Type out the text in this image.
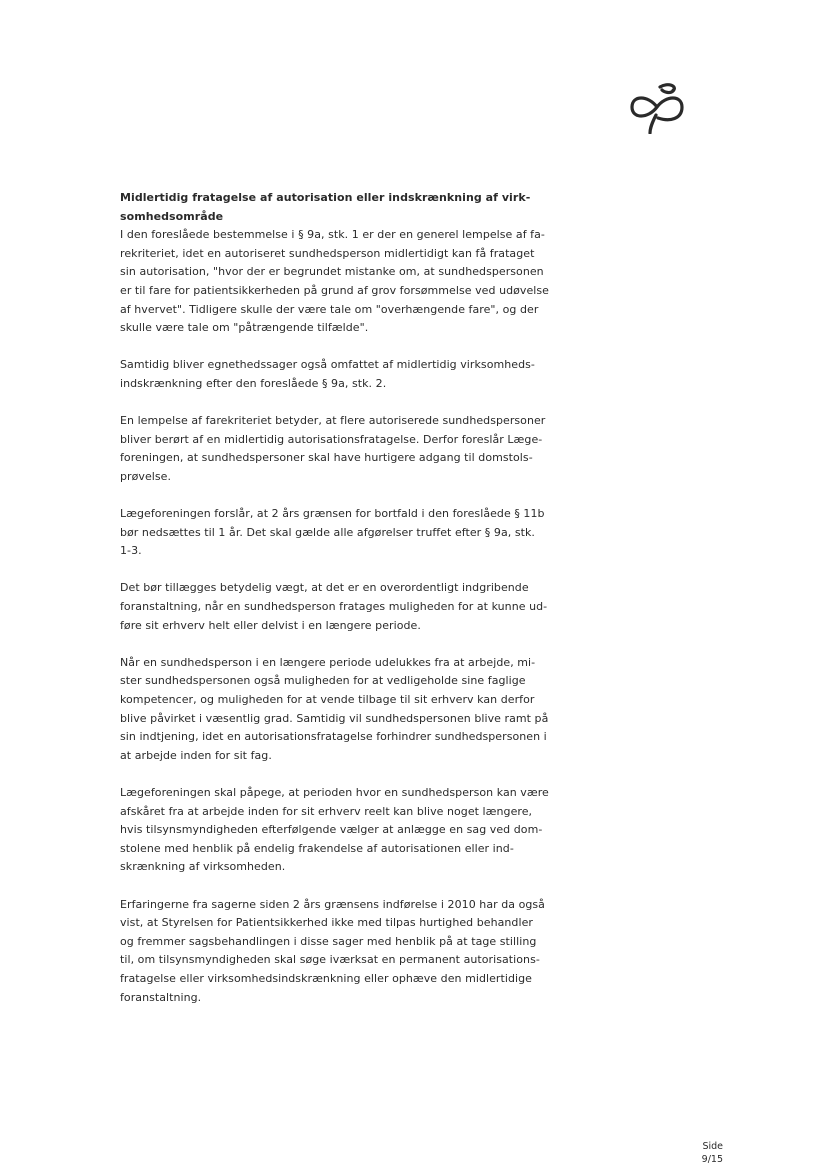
Midlertidig fratagelse af autorisation eller indskrænkning af virk-
somhedsområde
I den foreslåede bestemmelse i § 9a, stk. 1 er der en generel lempelse af fa-
rekriteriet, idet en autoriseret sundhedsperson midlertidigt kan få frataget
sin autorisation, "hvor der er begrundet mistanke om, at sundhedspersonen
er til fare for patientsikkerheden på grund af grov forsømmelse ved udøvelse
af hvervet". Tidligere skulle der være tale om "overhængende fare", og der
skulle være tale om "påtrængende tilfælde".
Samtidig bliver egnethedssager også omfattet af midlertidig virksomheds-
indskrænkning efter den foreslåede § 9a, stk. 2.
En lempelse af farekriteriet betyder, at flere autoriserede sundhedspersoner
bliver berørt af en midlertidig autorisationsfratagelse. Derfor foreslår Læge-
foreningen, at sundhedspersoner skal have hurtigere adgang til domstols-
prøvelse.
Lægeforeningen forslår, at 2 års grænsen for bortfald i den foreslåede § 11b
bør nedsættes til 1 år. Det skal gælde alle afgørelser truffet efter § 9a, stk.
1-3.
Det bør tillægges betydelig vægt, at det er en overordentligt indgribende
foranstaltning, når en sundhedsperson fratages muligheden for at kunne ud-
føre sit erhverv helt eller delvist i en længere periode.
Når en sundhedsperson i en længere periode udelukkes fra at arbejde, mi-
ster sundhedspersonen også muligheden for at vedligeholde sine faglige
kompetencer, og muligheden for at vende tilbage til sit erhverv kan derfor
blive påvirket i væsentlig grad. Samtidig vil sundhedspersonen blive ramt på
sin indtjening, idet en autorisationsfratagelse forhindrer sundhedspersonen i
at arbejde inden for sit fag.
Lægeforeningen skal påpege, at perioden hvor en sundhedsperson kan være
afskåret fra at arbejde inden for sit erhverv reelt kan blive noget længere,
hvis tilsynsmyndigheden efterfølgende vælger at anlægge en sag ved dom-
stolene med henblik på endelig frakendelse af autorisationen eller ind-
skrænkning af virksomheden.
Erfaringerne fra sagerne siden 2 års grænsens indførelse i 2010 har da også
vist, at Styrelsen for Patientsikkerhed ikke med tilpas hurtighed behandler
og fremmer sagsbehandlingen i disse sager med henblik på at tage stilling
til, om tilsynsmyndigheden skal søge iværksat en permanent autorisations-
fratagelse eller virksomhedsindskrænkning eller ophæve den midlertidige
foranstaltning.
Side
9/15
